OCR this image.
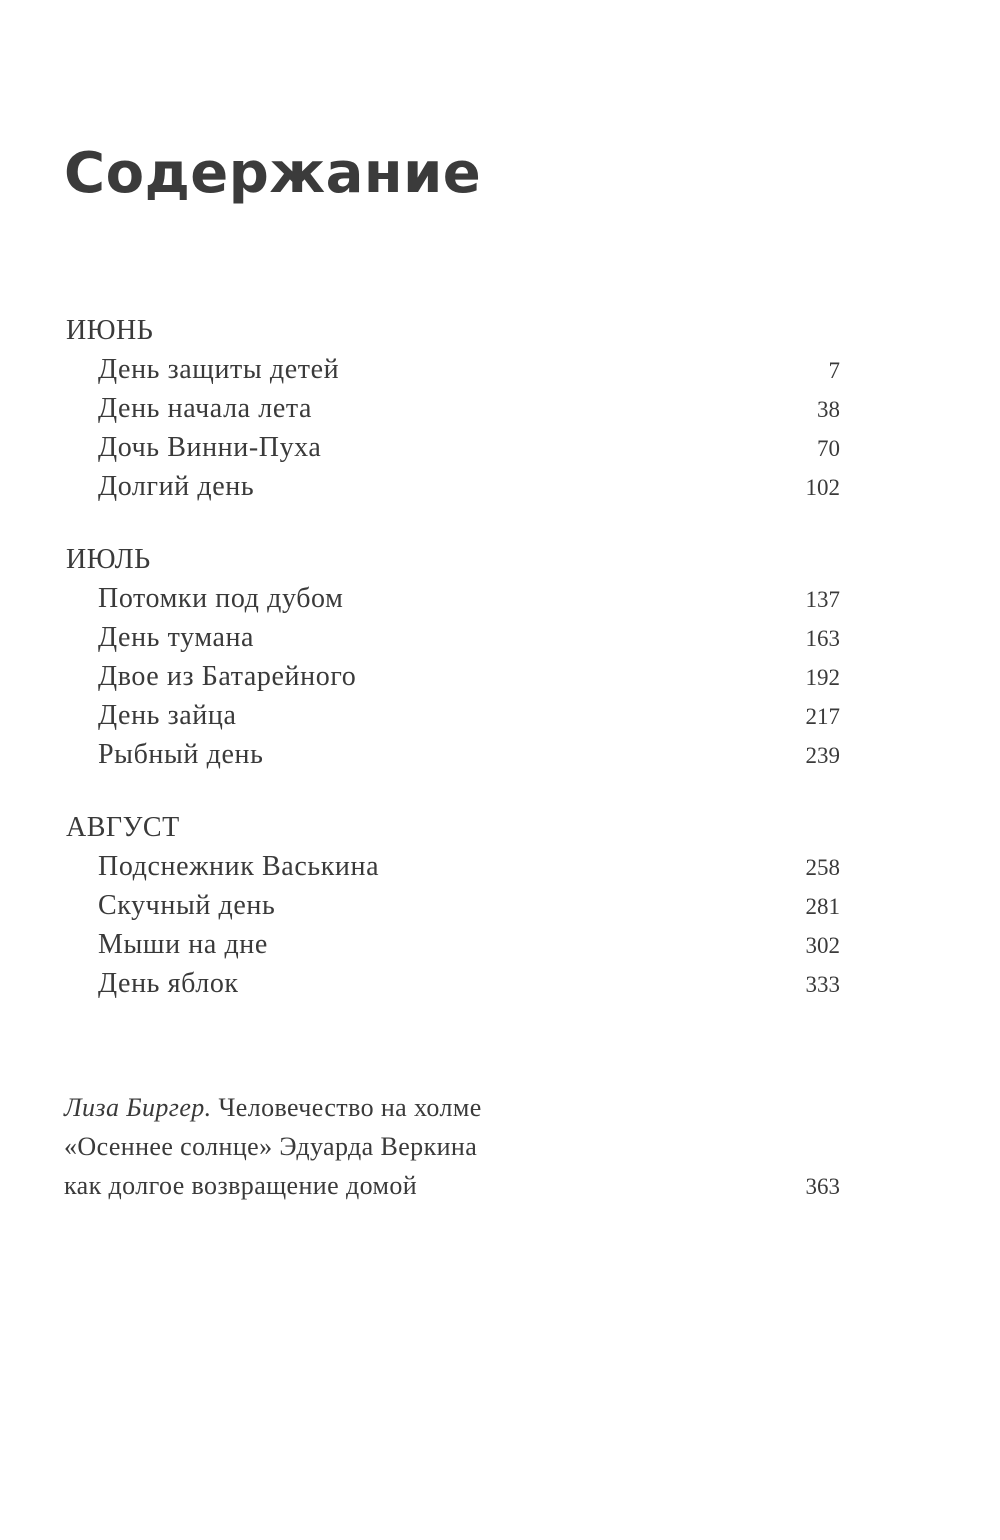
Содержание
ИЮНЬ
День защиты детей	7
День начала лета	38
Дочь Винни-Пуха	70
Долгий день	102
ИЮЛЬ
Потомки под дубом	137
День тумана	163
Двое из Батарейного	192
День зайца	217
Рыбный день	239
АВГУСТ
Подснежник Васькина	258
Скучный день	281
Мыши на дне	302
День яблок	333
Лиза Биргер. Человечество на холме
«Осеннее солнце» Эдуарда Веркина
как долгое возвращение домой	363
